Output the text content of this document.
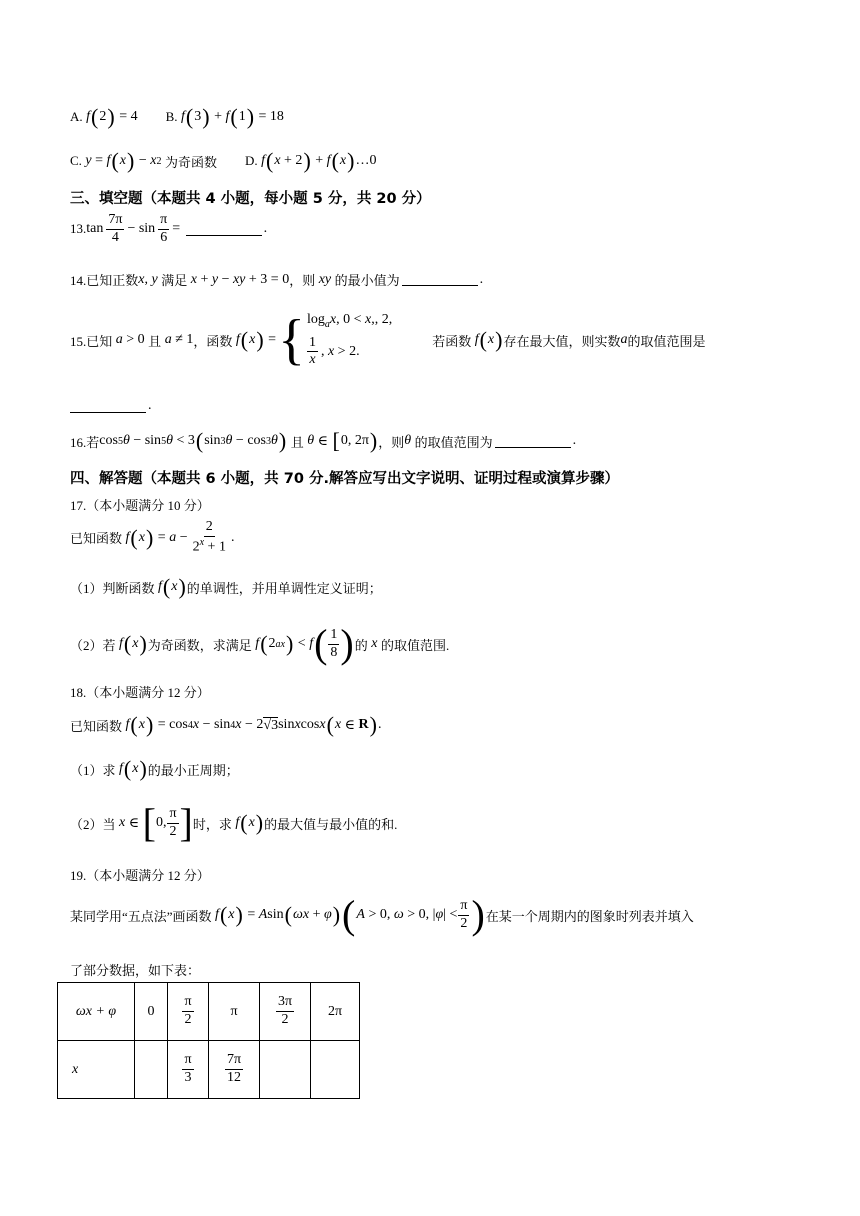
A. f ( 2 ) = 4 B. f ( 3 ) + f ( 1 ) = 18
C. y = f ( x ) − x 2
为奇函数 D. f ( x + 2 ) + f ( x ) …0
三、填空题（本题共 4 小题，每小题 5 分，共 20 分）
13. $\tan \frac{7\pi}{4} - \sin \frac{\pi}{6}$ =	.
14.已知正数 x , y
满足
x + y − xy + 3 = 0 ，则
xy
的最小值为	.
15.已知
a > 0 且
a ≠ 1 ，函数
f ( x ) = { $\log_ax$, 0 < x,, 2,
$\frac{1}{x}$ , x > 2.
若函数
f ( x ) 存在最大值，则实数 a 的取值范围是
.
16.若 cos 5 θ − sin 5 θ < 3 ( sin 3 θ − cos 3 θ )
且
θ ∈ [ 0, 2π ) ，则 θ
的取值范围为	.
四、解答题（本题共 6 小题，共 70 分.解答应写出文字说明、证明过程或演算步骤）
17.（本小题满分 10 分）
已知函数
f ( x ) = $a - \frac{2}{2^x + 1}$ .
（1）判断函数
f ( x ) 的单调性，并用单调性定义证明；
（2）若
f ( x ) 为奇函数，求满足
f ( 2 ax ) < f ( $\frac{1}{8}$ ) 的
x
的取值范围.
18.（本小题满分 12 分）
已知函数
f ( x ) = cos 4 x − sin 4 x − 2 √3 sin x cos x ( x ∈ R ) .
（1）求
f ( x ) 的最小正周期；
（2）当
x ∈ [ 0, $\frac{\pi}{2}$ ] 时，求
f ( x ) 的最大值与最小值的和.
19.（本小题满分 12 分）
某同学用“五点法”画函数
f ( x ) = A sin ( ωx + φ ) ( A > 0, ω > 0, | φ | < $\frac{\pi}{2}$ ) 在某一个周期内的图象时列表并填入
了部分数据，如下表：
ωx + φ	0	$\frac{\pi}{2}$	π	$\frac{3\pi}{2}$	2π
x		$\frac{\pi}{3}$	$\frac{7\pi}{12}$
